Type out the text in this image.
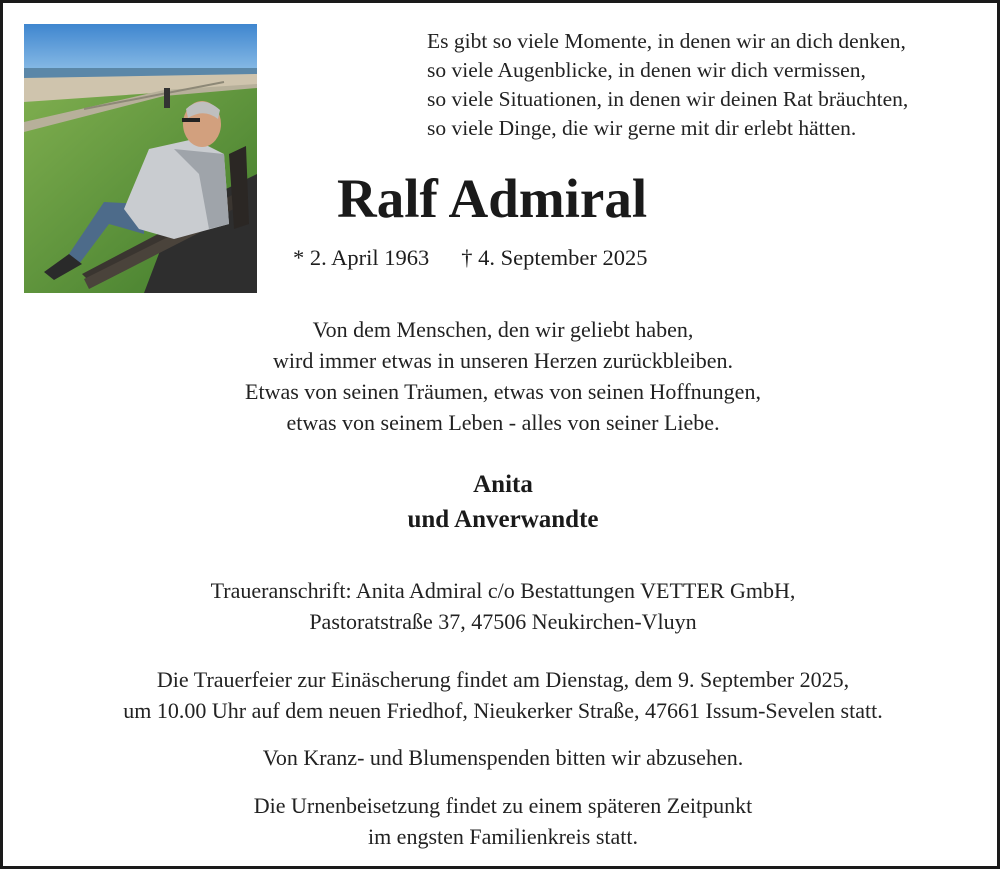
Es gibt so viele Momente, in denen wir an dich denken,
so viele Augenblicke, in denen wir dich vermissen,
so viele Situationen, in denen wir deinen Rat bräuchten,
so viele Dinge, die wir gerne mit dir erlebt hätten.
Ralf Admiral
* 2. April 1963 † 4. September 2025
Von dem Menschen, den wir geliebt haben,
wird immer etwas in unseren Herzen zurückbleiben.
Etwas von seinen Träumen, etwas von seinen Hoffnungen,
etwas von seinem Leben - alles von seiner Liebe.
Anita
und Anverwandte
Traueranschrift: Anita Admiral c/o Bestattungen VETTER GmbH,
Pastoratstraße 37, 47506 Neukirchen-Vluyn
Die Trauerfeier zur Einäscherung findet am Dienstag, dem 9. September 2025,
um 10.00 Uhr auf dem neuen Friedhof, Nieukerker Straße, 47661 Issum-Sevelen statt.
Von Kranz- und Blumenspenden bitten wir abzusehen.
Die Urnenbeisetzung findet zu einem späteren Zeitpunkt
im engsten Familienkreis statt.
